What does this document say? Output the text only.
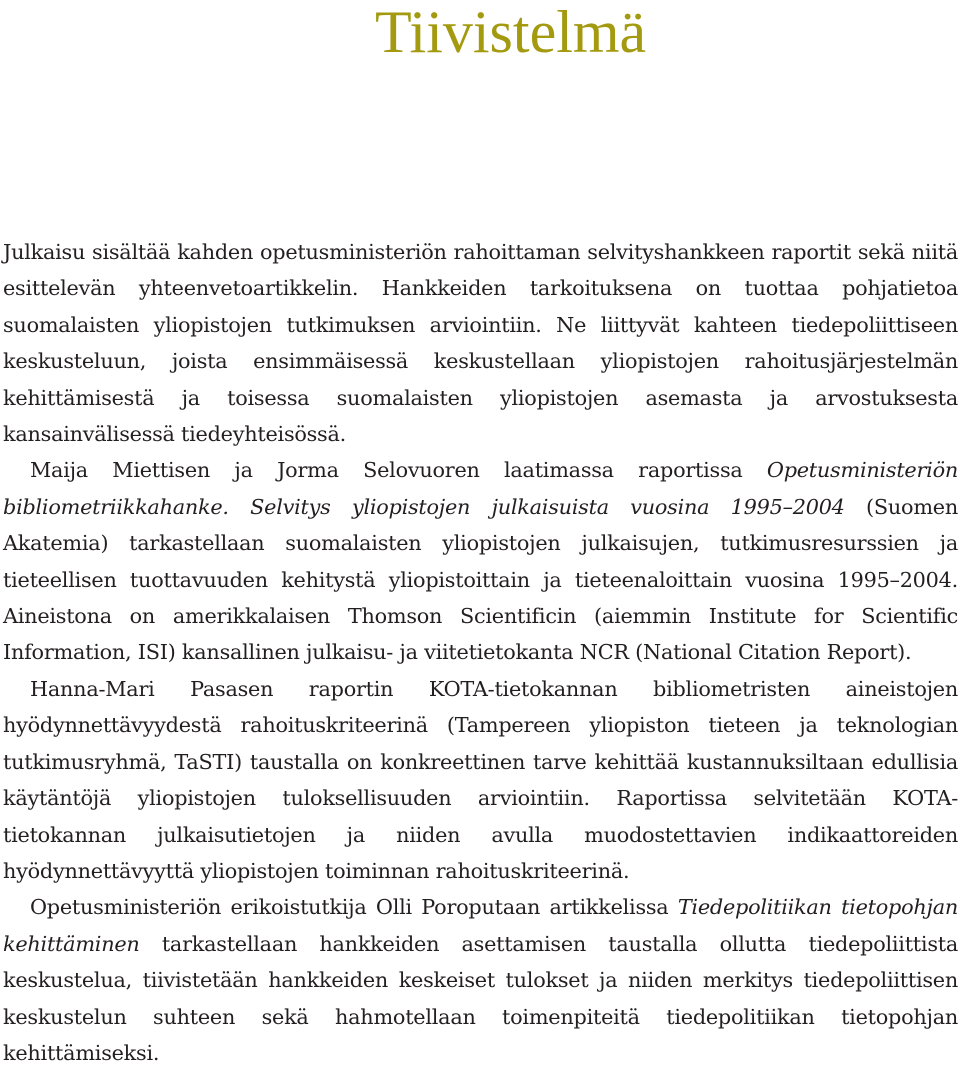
Tiivistelmä

Julkaisu sisältää kahden opetusministeriön rahoittaman selvityshankkeen raportit sekä niitä esittelevän yhteenvetoartikkelin. Hankkeiden tarkoituksena on tuottaa pohjatietoa suomalaisten yliopistojen tutkimuksen arviointiin. Ne liittyvät kahteen tiedepoliittiseen keskusteluun, joista ensimmäisessä keskustellaan yliopistojen rahoitusjärjestelmän kehittämisestä ja toisessa suomalaisten yliopistojen asemasta ja arvostuksesta kansainvälisessä tiedeyhteisössä.

Maija Miettisen ja Jorma Selovuoren laatimassa raportissa Opetusministeriön bibliometriikkahanke. Selvitys yliopistojen julkaisuista vuosina 1995–2004 (Suomen Akatemia) tarkastellaan suomalaisten yliopistojen julkaisujen, tutkimusresurssien ja tieteellisen tuottavuuden kehitystä yliopistoittain ja tieteenaloittain vuosina 1995–2004. Aineistona on amerikkalaisen Thomson Scientificin (aiemmin Institute for Scientific Information, ISI) kansallinen julkaisu- ja viitetietokanta NCR (National Citation Report).

Hanna-Mari Pasasen raportin KOTA-tietokannan bibliometristen aineistojen hyödynnettävyydestä rahoituskriteerinä (Tampereen yliopiston tieteen ja teknologian tutkimusryhmä, TaSTI) taustalla on konkreettinen tarve kehittää kustannuksiltaan edullisia käytäntöjä yliopistojen tuloksellisuuden arviointiin. Raportissa selvitetään KOTA-tietokannan julkaisutietojen ja niiden avulla muodostettavien indikaattoreiden hyödynnettävyyttä yliopistojen toiminnan rahoituskriteerinä.

Opetusministeriön erikoistutkija Olli Poroputaan artikkelissa Tiedepolitiikan tietopohjan kehittäminen tarkastellaan hankkeiden asettamisen taustalla ollutta tiedepoliittista keskustelua, tiivistetään hankkeiden keskeiset tulokset ja niiden merkitys tiedepoliittisen keskustelun suhteen sekä hahmotellaan toimenpiteitä tiedepolitiikan tietopohjan kehittämiseksi.
